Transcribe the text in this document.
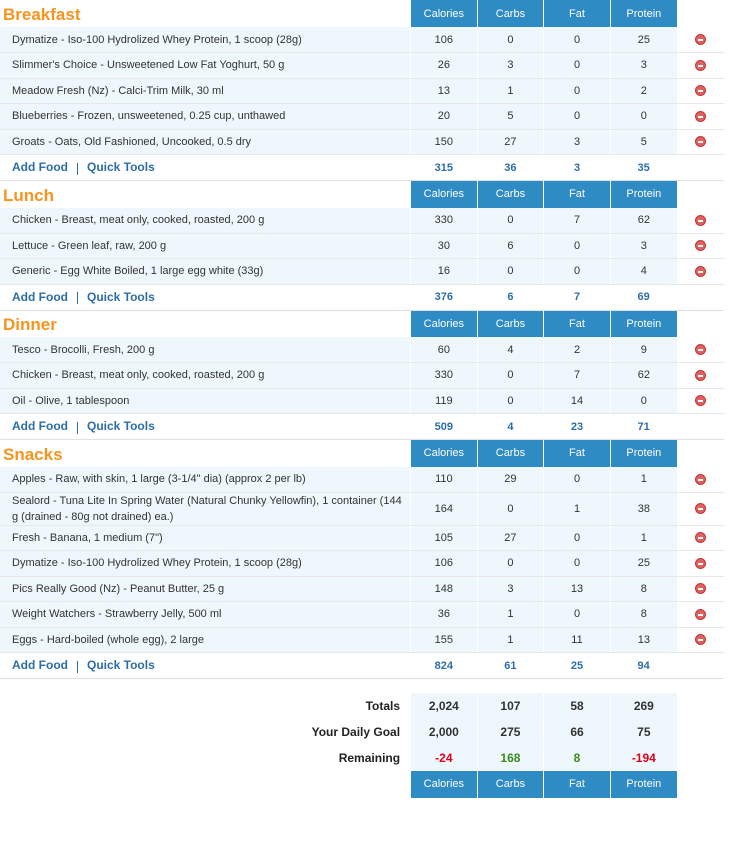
Breakfast	Calories	Carbs	Fat	Protein	
Dymatize - Iso-100 Hydrolized Whey Protein, 1 scoop (28g)	106	0	0	25	
Slimmer's Choice - Unsweetened Low Fat Yoghurt, 50 g	26	3	0	3	
Meadow Fresh (Nz) - Calci-Trim Milk, 30 ml	13	1	0	2	
Blueberries - Frozen, unsweetened, 0.25 cup, unthawed	20	5	0	0	
Groats - Oats, Old Fashioned, Uncooked, 0.5 dry	150	27	3	5	
Add Food Quick Tools	315	36	3	35	
Lunch	Calories	Carbs	Fat	Protein	
Chicken - Breast, meat only, cooked, roasted, 200 g	330	0	7	62	
Lettuce - Green leaf, raw, 200 g	30	6	0	3	
Generic - Egg White Boiled, 1 large egg white (33g)	16	0	0	4	
Add Food Quick Tools	376	6	7	69	
Dinner	Calories	Carbs	Fat	Protein	
Tesco - Brocolli, Fresh, 200 g	60	4	2	9	
Chicken - Breast, meat only, cooked, roasted, 200 g	330	0	7	62	
Oil - Olive, 1 tablespoon	119	0	14	0	
Add Food Quick Tools	509	4	23	71	
Snacks	Calories	Carbs	Fat	Protein	
Apples - Raw, with skin, 1 large (3-1/4" dia) (approx 2 per lb)	110	29	0	1	
Sealord - Tuna Lite In Spring Water (Natural Chunky Yellowfin), 1 container (144 g (drained - 80g not drained) ea.)	164	0	1	38	
Fresh - Banana, 1 medium (7")	105	27	0	1	
Dymatize - Iso-100 Hydrolized Whey Protein, 1 scoop (28g)	106	0	0	25	
Pics Really Good (Nz) - Peanut Butter, 25 g	148	3	13	8	
Weight Watchers - Strawberry Jelly, 500 ml	36	1	0	8	
Eggs - Hard-boiled (whole egg), 2 large	155	1	11	13	
Add Food Quick Tools	824	61	25	94	

Totals	2,024	107	58	269	
Your Daily Goal	2,000	275	66	75	
Remaining	-24	168	8	-194	
	Calories	Carbs	Fat	Protein	
